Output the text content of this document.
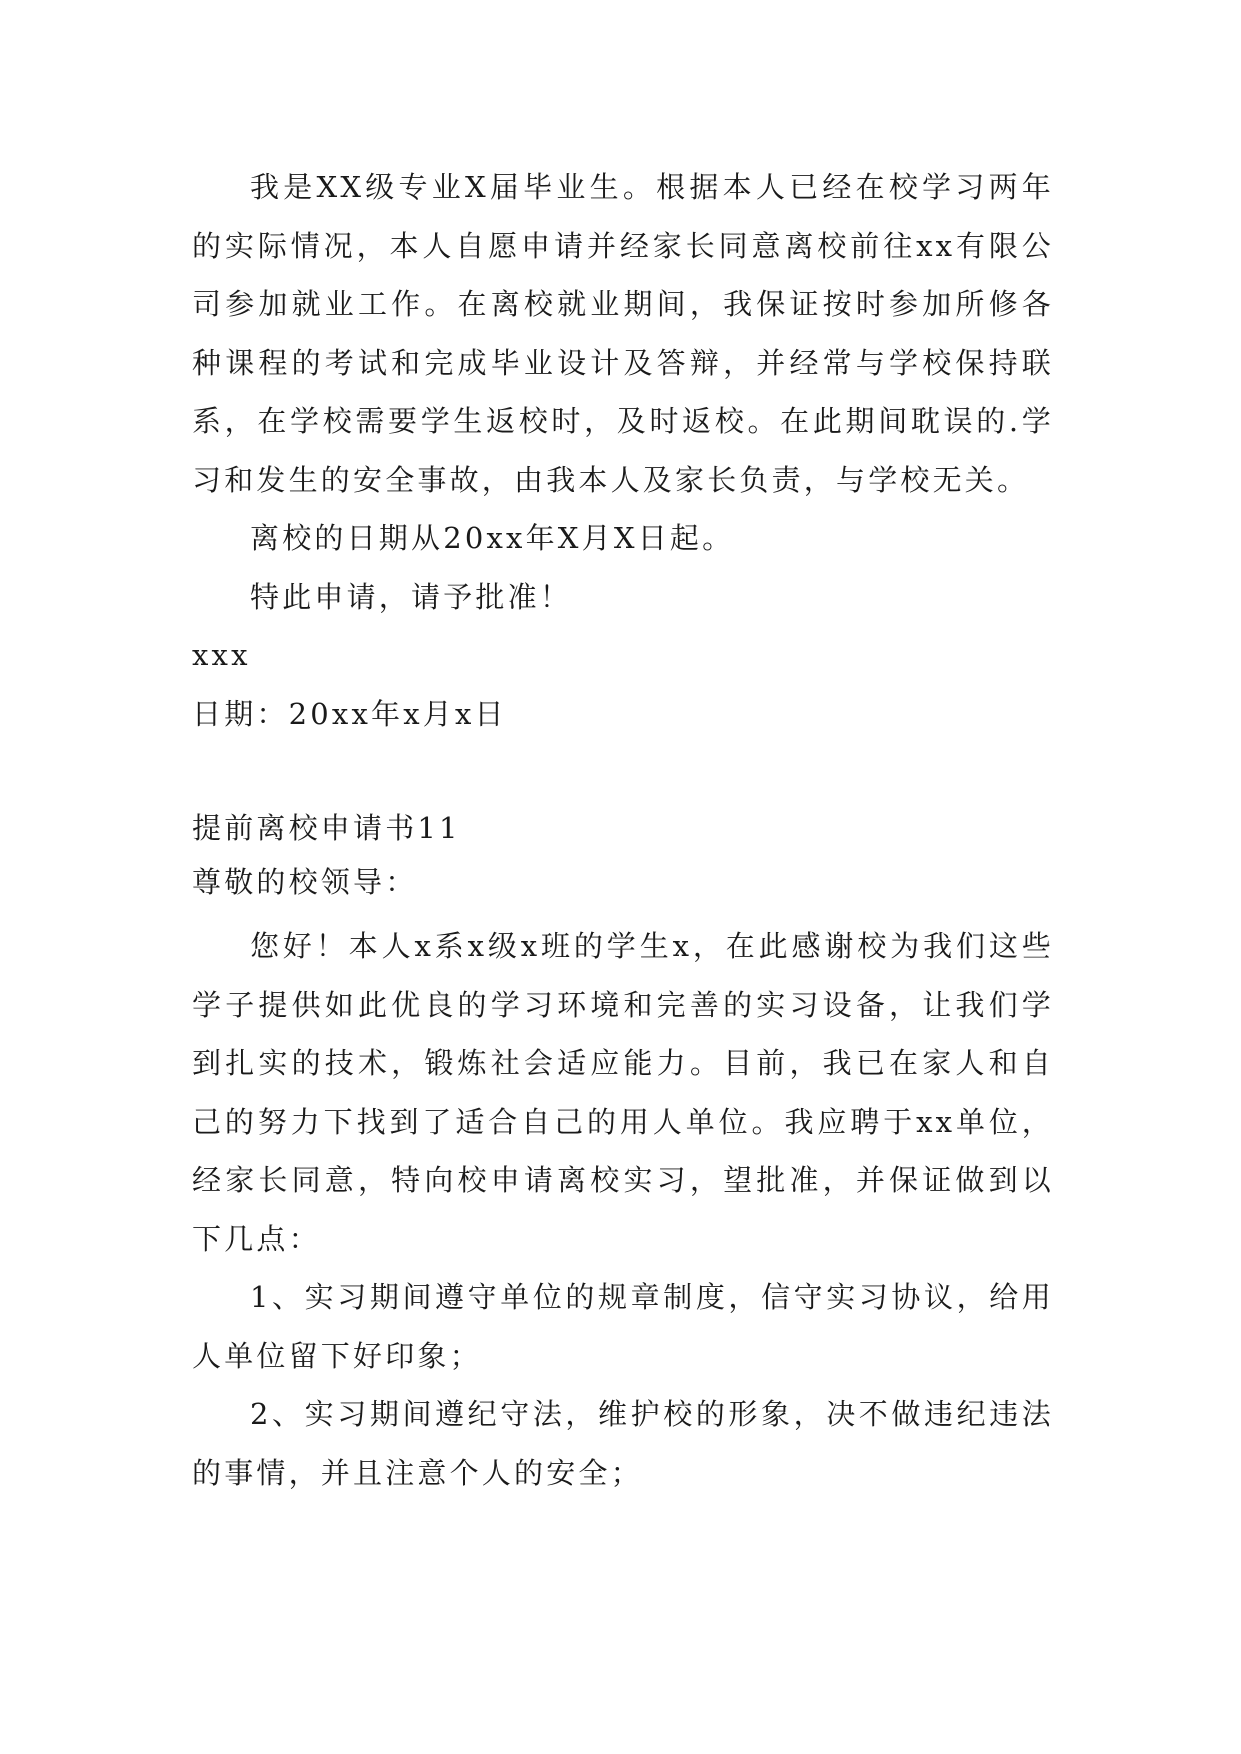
我是XX级专业X届毕业生。根据本人已经在校学习两年的实际情况，本人自愿申请并经家长同意离校前往xx有限公司参加就业工作。在离校就业期间，我保证按时参加所修各种课程的考试和完成毕业设计及答辩，并经常与学校保持联系，在学校需要学生返校时，及时返校。在此期间耽误的.学习和发生的安全事故，由我本人及家长负责，与学校无关。

离校的日期从20xx年X月X日起。

特此申请，请予批准！

xxx

日期：20xx年x月x日

提前离校申请书11

尊敬的校领导：

您好！本人x系x级x班的学生x，在此感谢校为我们这些学子提供如此优良的学习环境和完善的实习设备，让我们学到扎实的技术，锻炼社会适应能力。目前，我已在家人和自己的努力下找到了适合自己的用人单位。我应聘于xx单位，经家长同意，特向校申请离校实习，望批准，并保证做到以下几点：

1、实习期间遵守单位的规章制度，信守实习协议，给用人单位留下好印象；

2、实习期间遵纪守法，维护校的形象，决不做违纪违法的事情，并且注意个人的安全；
